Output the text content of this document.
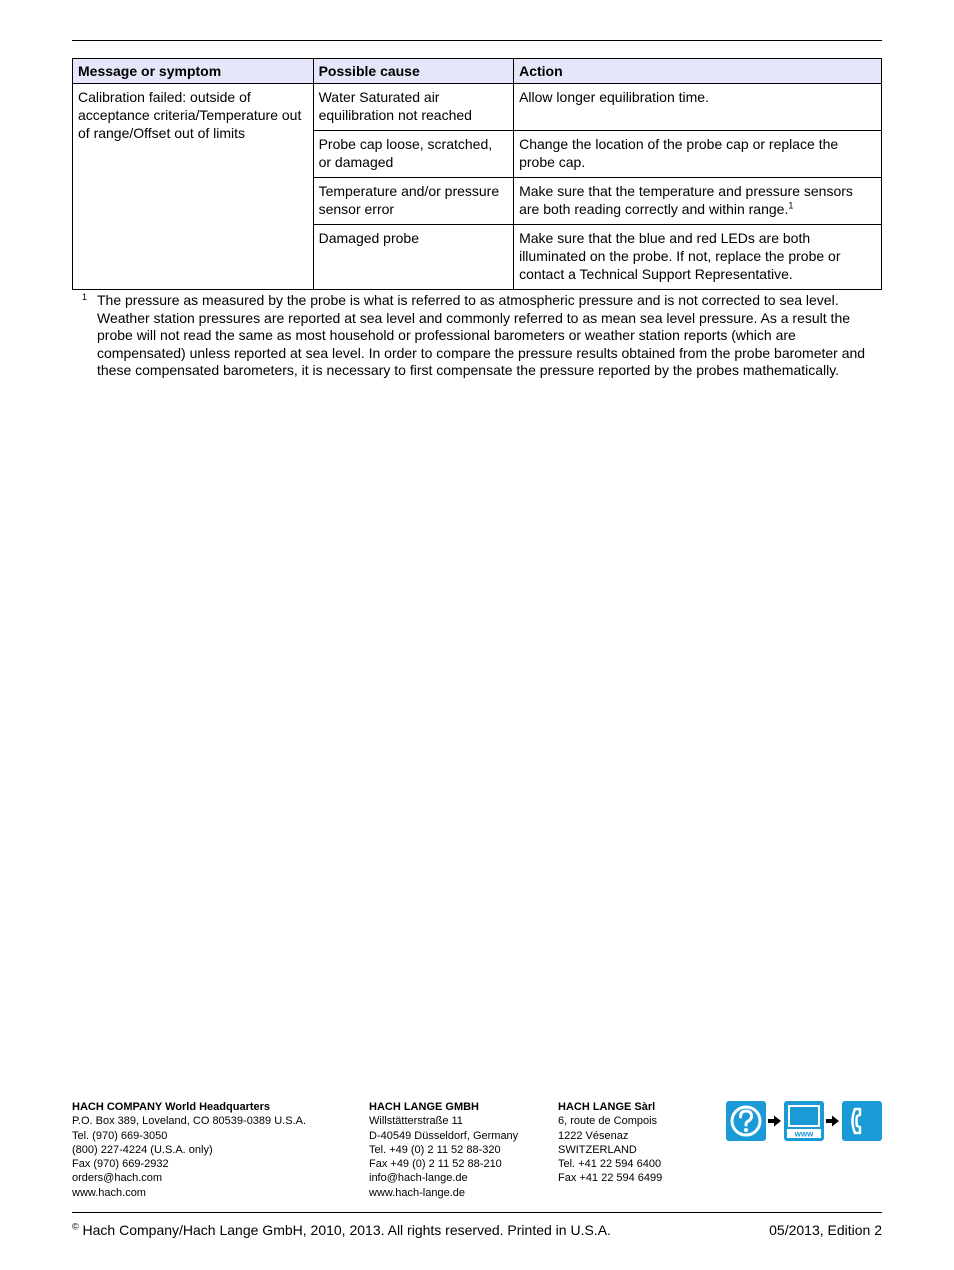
Message or symptom	Possible cause	Action
Calibration failed: outside of acceptance criteria/Temperature out of range/Offset out of limits	Water Saturated air equilibration not reached	Allow longer equilibration time.
	Probe cap loose, scratched, or damaged	Change the location of the probe cap or replace the probe cap.
	Temperature and/or pressure sensor error	Make sure that the temperature and pressure sensors are both reading correctly and within range.$^1$
	Damaged probe	Make sure that the blue and red LEDs are both illuminated on the probe. If not, replace the probe or contact a Technical Support Representative.
1 The pressure as measured by the probe is what is referred to as atmospheric pressure and is not corrected to sea level. Weather station pressures are reported at sea level and commonly referred to as mean sea level pressure. As a result the probe will not read the same as most household or professional barometers or weather station reports (which are compensated) unless reported at sea level. In order to compare the pressure results obtained from the probe barometer and these compensated barometers, it is necessary to first compensate the pressure reported by the probes mathematically.
HACH COMPANY World Headquarters
P.O. Box 389, Loveland, CO 80539-0389 U.S.A.
Tel. (970) 669-3050
(800) 227-4224 (U.S.A. only)
Fax (970) 669-2932
orders@hach.com
www.hach.com
HACH LANGE GMBH
Willstätterstraße 11
D-40549 Düsseldorf, Germany
Tel. +49 (0) 2 11 52 88-320
Fax +49 (0) 2 11 52 88-210
info@hach-lange.de
www.hach-lange.de
HACH LANGE Sàrl
6, route de Compois
1222 Vésenaz
SWITZERLAND
Tel. +41 22 594 6400
Fax +41 22 594 6499
www
© Hach Company/Hach Lange GmbH, 2010, 2013. All rights reserved. Printed in U.S.A.	05/2013, Edition 2
